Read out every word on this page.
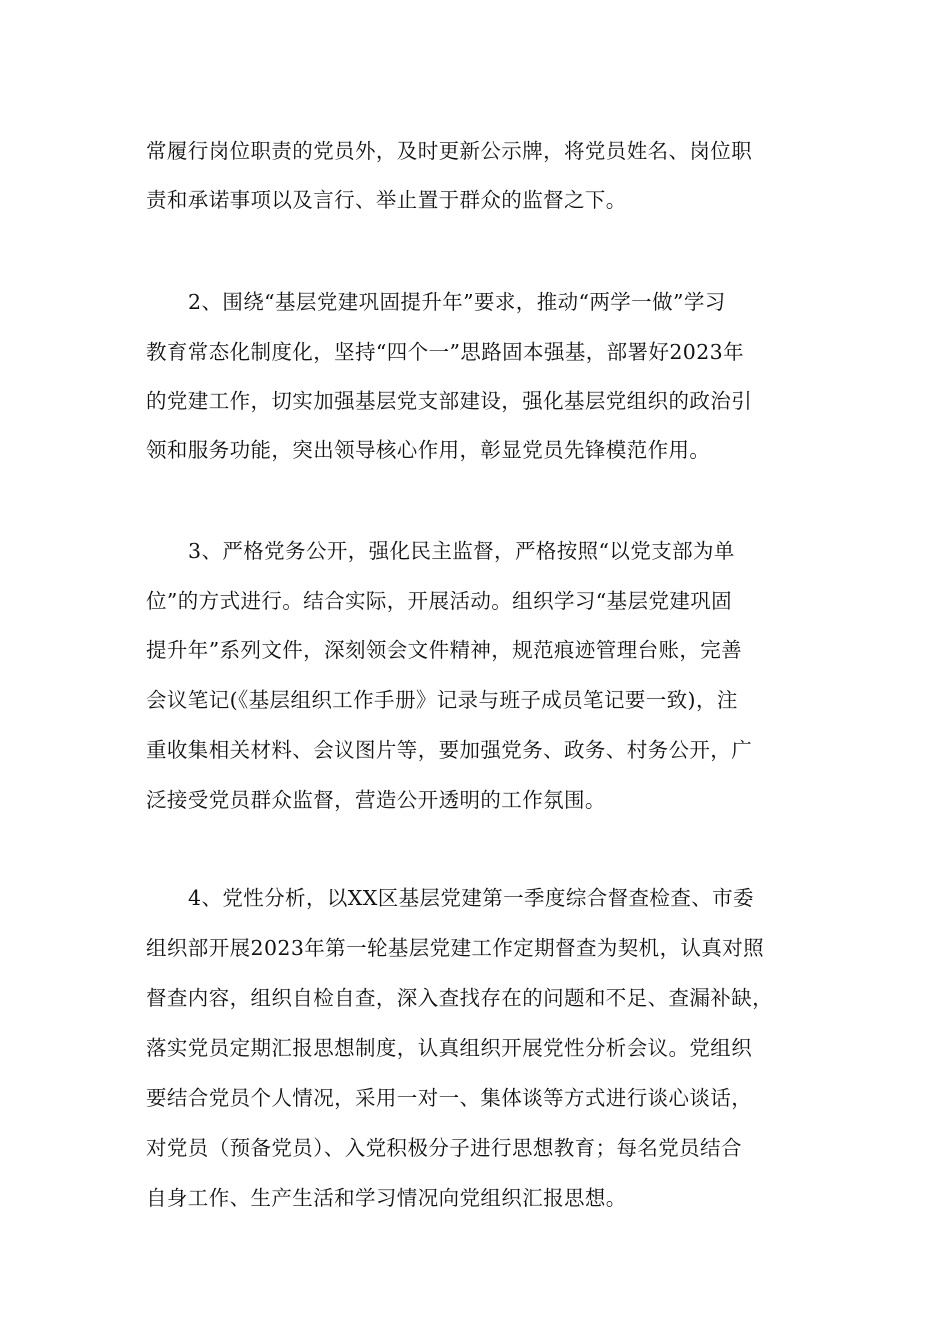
常履行岗位职责的党员外，及时更新公示牌，将党员姓名、岗位职
责和承诺事项以及言行、举止置于群众的监督之下。
2、围绕“基层党建巩固提升年”要求，推动“两学一做”学习
教育常态化制度化，坚持“四个一”思路固本强基，部署好2023年
的党建工作，切实加强基层党支部建设，强化基层党组织的政治引
领和服务功能，突出领导核心作用，彰显党员先锋模范作用。
3、严格党务公开，强化民主监督，严格按照“以党支部为单
位”的方式进行。结合实际，开展活动。组织学习“基层党建巩固
提升年”系列文件，深刻领会文件精神，规范痕迹管理台账，完善
会议笔记(《基层组织工作手册》记录与班子成员笔记要一致)，注
重收集相关材料、会议图片等，要加强党务、政务、村务公开，广
泛接受党员群众监督，营造公开透明的工作氛围。
4、党性分析，以XX区基层党建第一季度综合督查检查、市委
组织部开展2023年第一轮基层党建工作定期督查为契机，认真对照
督查内容，组织自检自查，深入查找存在的问题和不足、查漏补缺，
落实党员定期汇报思想制度，认真组织开展党性分析会议。党组织
要结合党员个人情况，采用一对一、集体谈等方式进行谈心谈话，
对党员（预备党员）、入党积极分子进行思想教育；每名党员结合
自身工作、生产生活和学习情况向党组织汇报思想。
